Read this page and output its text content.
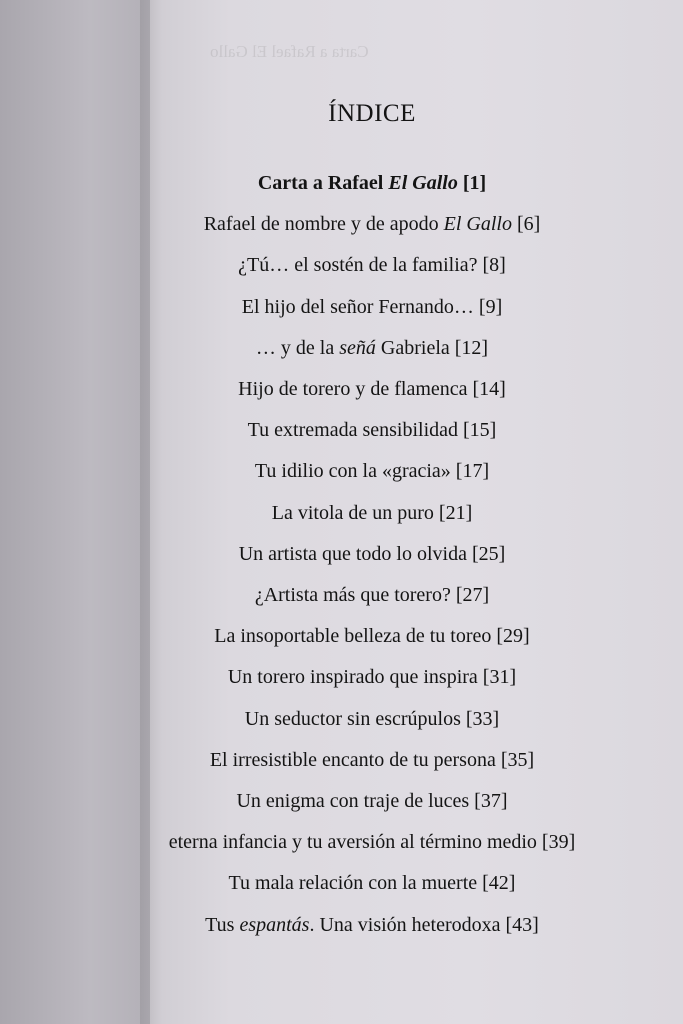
Carta a Rafael El Gallo
ÍNDICE
Carta a Rafael El Gallo [1]
Rafael de nombre y de apodo El Gallo [6]
¿Tú… el sostén de la familia? [8]
El hijo del señor Fernando… [9]
… y de la señá Gabriela [12]
Hijo de torero y de flamenca [14]
Tu extremada sensibilidad [15]
Tu idilio con la «gracia» [17]
La vitola de un puro [21]
Un artista que todo lo olvida [25]
¿Artista más que torero? [27]
La insoportable belleza de tu toreo [29]
Un torero inspirado que inspira [31]
Un seductor sin escrúpulos [33]
El irresistible encanto de tu persona [35]
Un enigma con traje de luces [37]
eterna infancia y tu aversión al término medio [39]
Tu mala relación con la muerte [42]
Tus espantás. Una visión heterodoxa [43]
